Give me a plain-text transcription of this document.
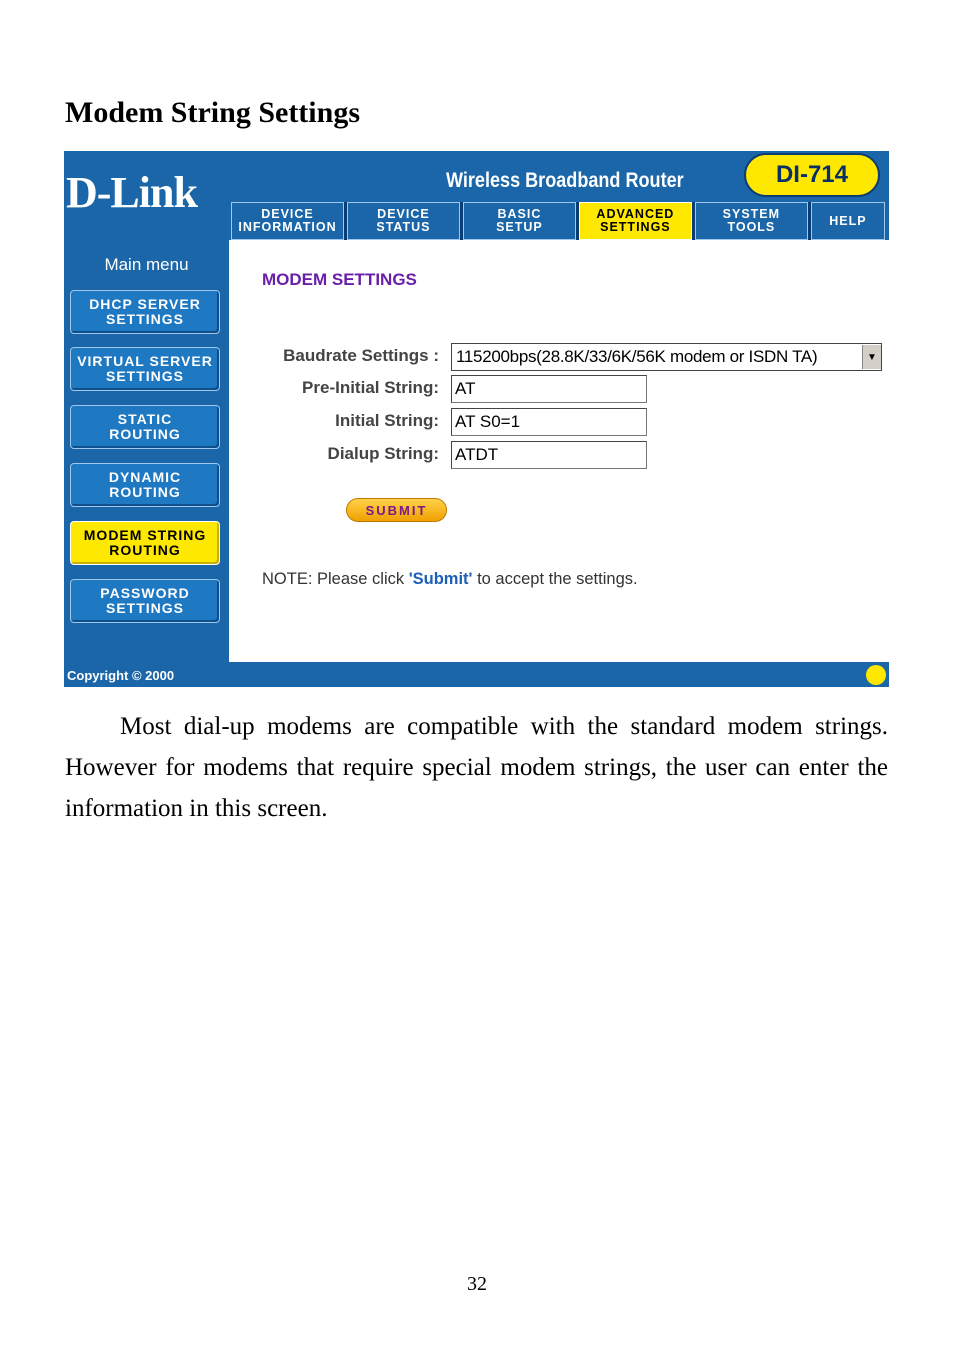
Modem String Settings
D-Link	Wireless Broadband Router	DI-714
DEVICE
INFORMATION
DEVICE
STATUS
BASIC
SETUP
ADVANCED
SETTINGS
SYSTEM
TOOLS	HELP
Main menu
DHCP SERVER
SETTINGS
VIRTUAL SERVER
SETTINGS
STATIC
ROUTING
DYNAMIC
ROUTING
MODEM STRING
ROUTING
PASSWORD
SETTINGS
MODEM SETTINGS
Baudrate Settings : 115200bps(28.8K/33/6K/56K modem or ISDN TA)	▼
Pre-Initial String:
AT
Initial String:
AT S0=1
Dialup String:
ATDT
SUBMIT
NOTE: Please click 'Submit' to accept the settings.
Copyright © 2000

Most dial-up modems are compatible with the standard modem strings. However for modems that require special modem strings, the user can enter the information in this screen.

32
